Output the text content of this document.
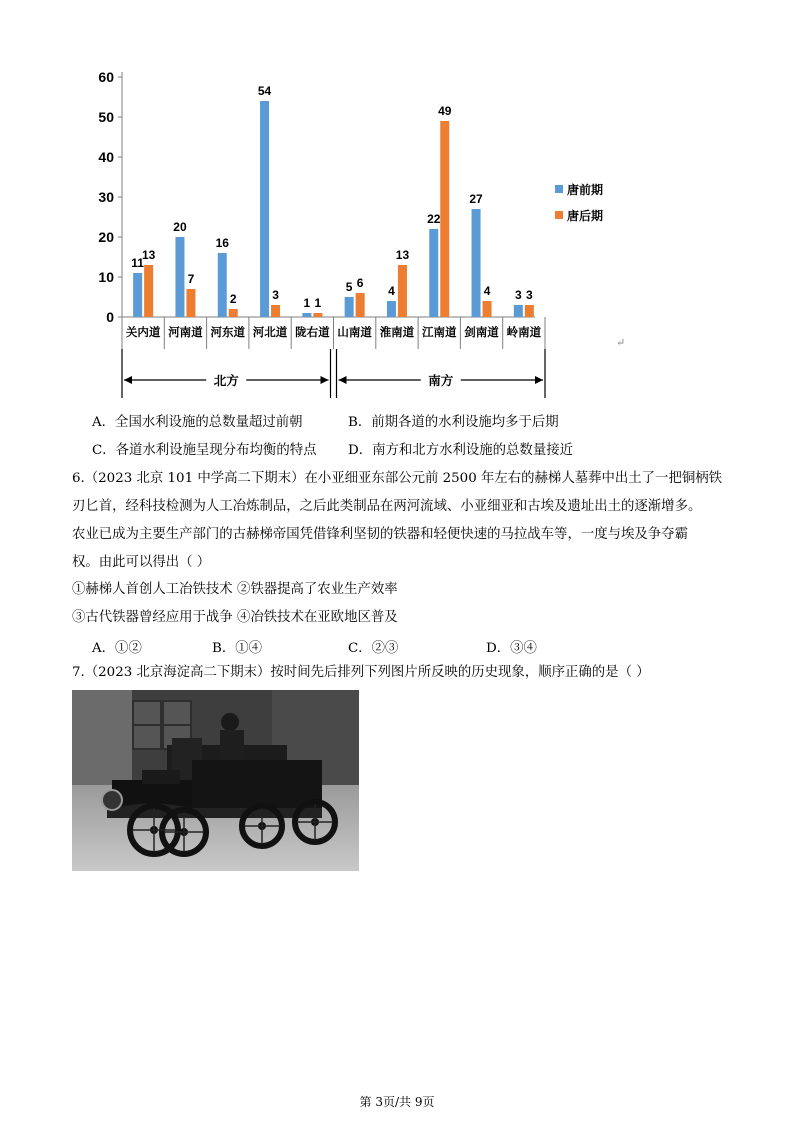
0
10
20
30
40
50
60
关内道 河南道 河东道 河北道 陇右道 山南道 淮南道 江南道 剑南道 岭南道
11
20
16
54
1
5	4
22
27
3
13
7
2	3
1
6
13
49
4	3
唐前期
唐后期
北方	南方
↵
A．全国水利设施的总数量超过前朝	B．前期各道的水利设施均多于后期
C．各道水利设施呈现分布均衡的特点 D．南方和北方水利设施的总数量接近
6.（2023 北京 101 中学高二下期末）在小亚细亚东部公元前 2500 年左右的赫梯人墓葬中出土了一把铜柄铁
刃匕首，经科技检测为人工冶炼制品，之后此类制品在两河流域、小亚细亚和古埃及遗址出土的逐渐增多。
农业已成为主要生产部门的古赫梯帝国凭借锋利坚韧的铁器和轻便快速的马拉战车等，一度与埃及争夺霸
权。由此可以得出（ ）
①赫梯人首创人工冶铁技术 ②铁器提高了农业生产效率
③古代铁器曾经应用于战争 ④冶铁技术在亚欧地区普及
A．①②	B．①④	C．②③	D．③④
7.（2023 北京海淀高二下期末）按时间先后排列下列图片所反映的历史现象，顺序正确的是（ ）
第 3页/共 9页
